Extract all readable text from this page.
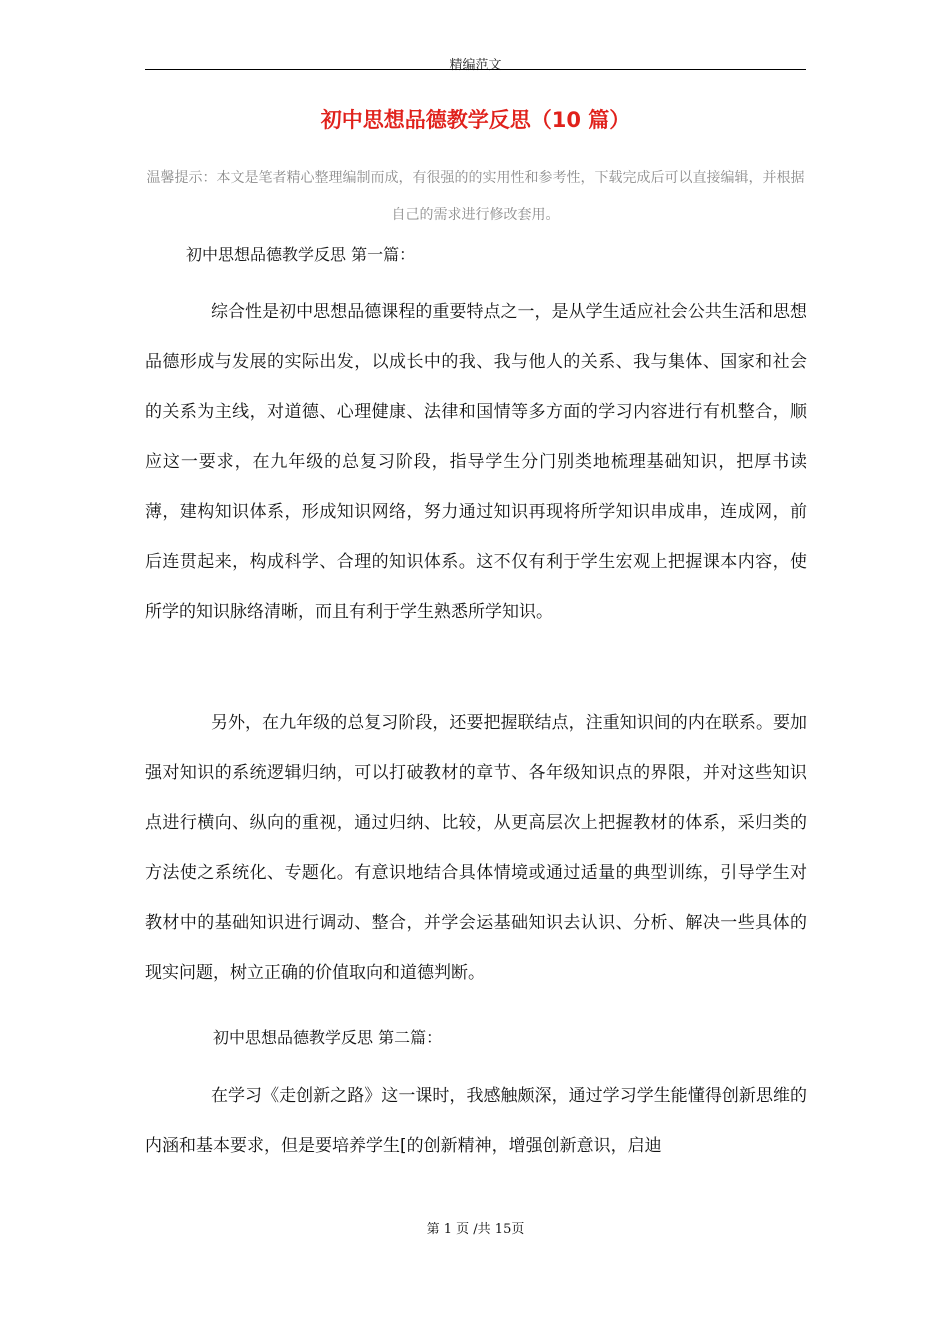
精编范文
初中思想品德教学反思（10 篇）
温馨提示：本文是笔者精心整理编制而成，有很强的的实用性和参考性，下载完成后可以直接编辑，并根据自己的需求进行修改套用。
初中思想品德教学反思 第一篇：

综合性是初中思想品德课程的重要特点之一，是从学生适应社会公共生活和思想品德形成与发展的实际出发，以成长中的我、我与他人的关系、我与集体、国家和社会的关系为主线，对道德、心理健康、法律和国情等多方面的学习内容进行有机整合，顺应这一要求，在九年级的总复习阶段，指导学生分门别类地梳理基础知识，把厚书读薄，建构知识体系，形成知识网络，努力通过知识再现将所学知识串成串，连成网，前后连贯起来，构成科学、合理的知识体系。这不仅有利于学生宏观上把握课本内容，使所学的知识脉络清晰，而且有利于学生熟悉所学知识。

另外，在九年级的总复习阶段，还要把握联结点，注重知识间的内在联系。要加强对知识的系统逻辑归纳，可以打破教材的章节、各年级知识点的界限，并对这些知识点进行横向、纵向的重视，通过归纳、比较，从更高层次上把握教材的体系，采归类的方法使之系统化、专题化。有意识地结合具体情境或通过适量的典型训练，引导学生对教材中的基础知识进行调动、整合，并学会运基础知识去认识、分析、解决一些具体的现实问题，树立正确的价值取向和道德判断。

初中思想品德教学反思 第二篇：

在学习《走创新之路》这一课时，我感触颇深，通过学习学生能懂得创新思维的内涵和基本要求，但是要培养学生[的创新精神，增强创新意识，启迪

第 1 页 /共 15页
